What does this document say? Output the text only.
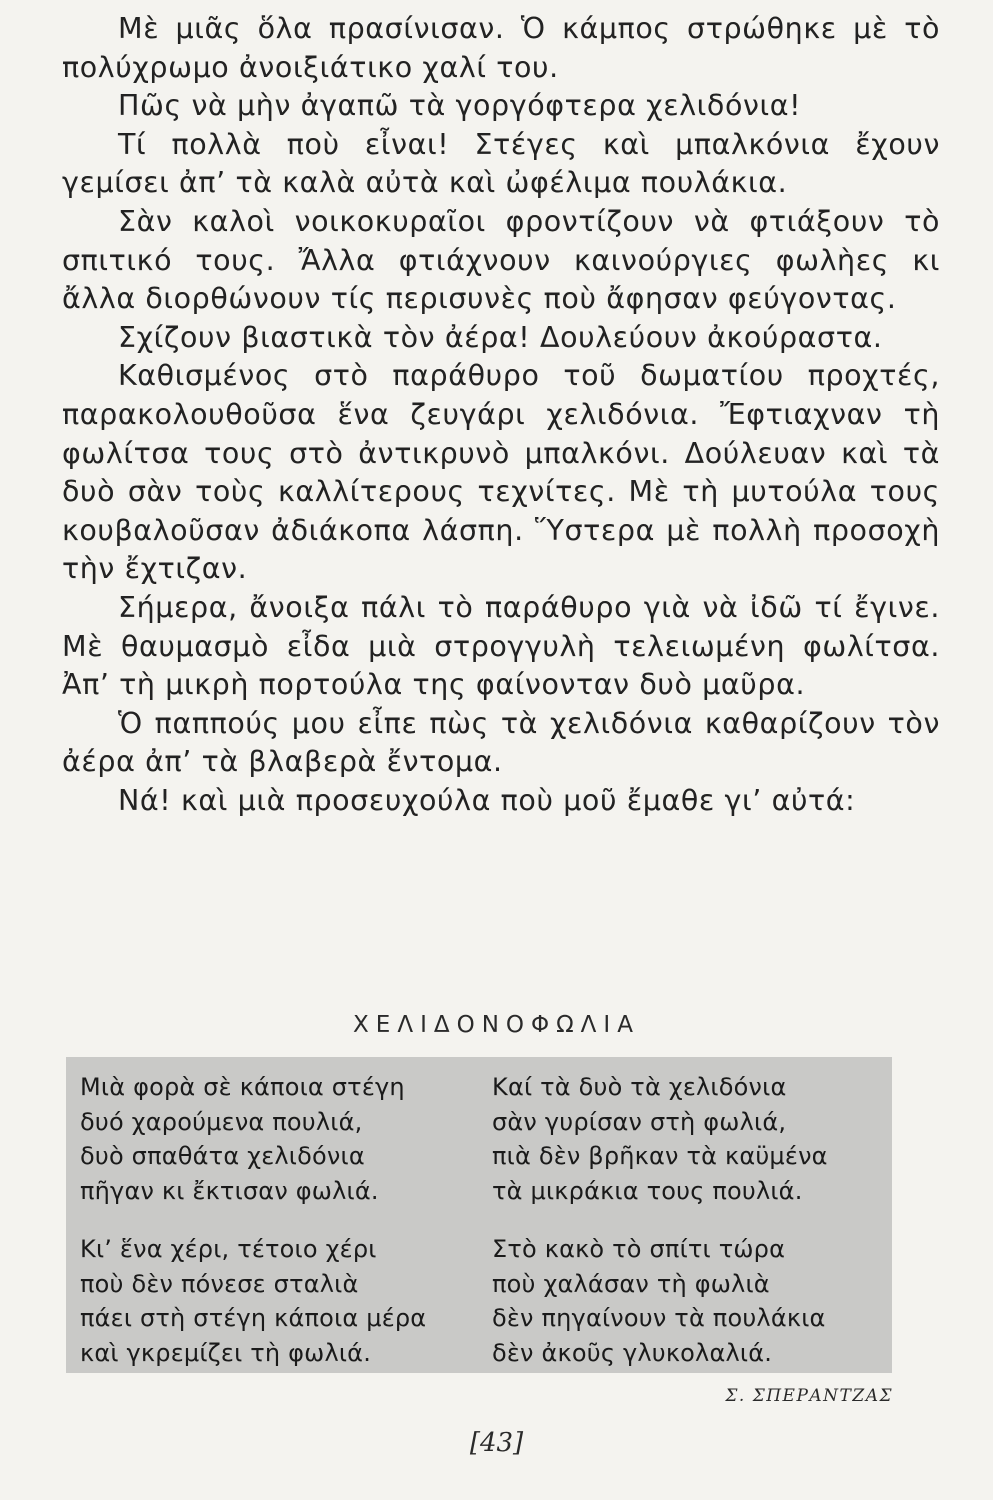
Μὲ μιᾶς ὅλα πρασίνισαν. Ὁ κάμπος στρώθηκε μὲ τὸ πολύχρωμο ἀνοιξιάτικο χαλί του.

Πῶς νὰ μὴν ἀγαπῶ τὰ γοργόφτερα χελιδόνια!

Τί πολλὰ ποὺ εἶναι! Στέγες καὶ μπαλκόνια ἔχουν γεμίσει ἀπ’ τὰ καλὰ αὐτὰ καὶ ὠφέλιμα πουλάκια.

Σὰν καλοὶ νοικοκυραῖοι φροντίζουν νὰ φτιάξουν τὸ σπιτικό τους. Ἄλλα φτιάχνουν καινούργιες φωλὴες κι ἄλλα διορθώνουν τίς περισυνὲς ποὺ ἄφησαν φεύγοντας.

Σχίζουν βιαστικὰ τὸν ἀέρα! Δουλεύουν ἀκούραστα.

Καθισμένος στὸ παράθυρο τοῦ δωματίου προχτές, παρακολουθοῦσα ἕνα ζευγάρι χελιδόνια. Ἔφτιαχναν τὴ φωλίτσα τους στὸ ἀντικρυνὸ μπαλκόνι. Δούλευαν καὶ τὰ δυὸ σὰν τοὺς καλλίτερους τεχνίτες. Μὲ τὴ μυτούλα τους κουβαλοῦσαν ἀδιάκοπα λάσπη. Ὕστερα μὲ πολλὴ προσοχὴ τὴν ἔχτιζαν.

Σήμερα, ἄνοιξα πάλι τὸ παράθυρο γιὰ νὰ ἰδῶ τί ἔγινε. Μὲ θαυμασμὸ εἶδα μιὰ στρογγυλὴ τελειωμένη φωλίτσα. Ἀπ’ τὴ μικρὴ πορτούλα της φαίνονταν δυὸ μαῦρα.

Ὁ παππούς μου εἶπε πὼς τὰ χελιδόνια καθαρίζουν τὸν ἀέρα ἀπ’ τὰ βλαβερὰ ἔντομα.

Νά! καὶ μιὰ προσευχούλα ποὺ μοῦ ἔμαθε γι’ αὐτά:

ΧΕΛΙΔΟΝΟΦΩΛΙΑ
Μιὰ φορὰ σὲ κάποια στέγη
δυό χαρούμενα πουλιά,
δυὸ σπαθάτα χελιδόνια
πῆγαν κι ἔκτισαν φωλιά.
Καί τὰ δυὸ τὰ χελιδόνια
σὰν γυρίσαν στὴ φωλιά,
πιὰ δὲν βρῆκαν τὰ καϋμένα
τὰ μικράκια τους πουλιά.
Κι’ ἕνα χέρι, τέτοιο χέρι
ποὺ δὲν πόνεσε σταλιὰ
πάει στὴ στέγη κάποια μέρα
καὶ γκρεμίζει τὴ φωλιά.
Στὸ κακὸ τὸ σπίτι τώρα
ποὺ χαλάσαν τὴ φωλιὰ
δὲν πηγαίνουν τὰ πουλάκια
δὲν ἀκοῦς γλυκολαλιά.
Σ. ΣΠΕΡΑΝΤΖΑΣ
[43]
